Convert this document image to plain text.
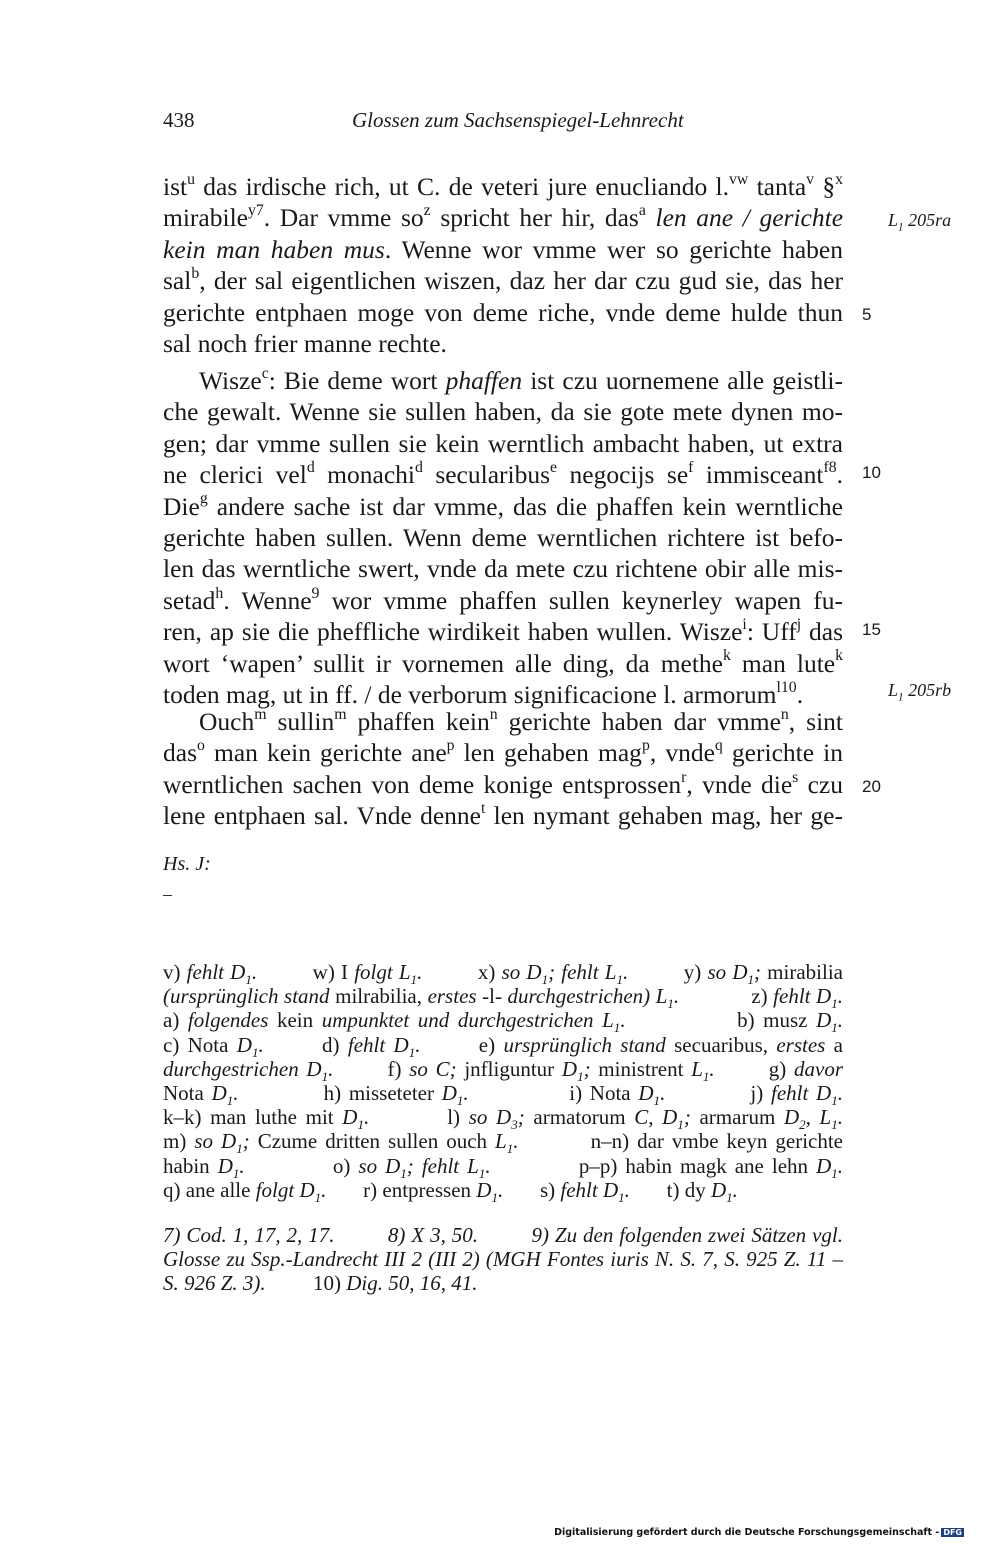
438	Glossen zum Sachsenspiegel-Lehnrecht
ist$^u$ das irdische rich, ut C. de veteri jure enucliando l.$^{vw}$ tanta$^v$ §$^x$
mirabile$^{y7}$. Dar vmme $so^z$ spricht her hir, das$^a$ len ane / gerichte
kein man haben mus. Wenne wor vmme wer so gerichte haben
sal$^b$, der sal eigentlichen wiszen, daz her dar czu gud sie, das her
gerichte entphaen moge von deme riche, vnde deme hulde thun
sal noch frier manne rechte.
Wisze$^c$: Bie deme wort phaffen ist czu uornemene alle geistli-
che gewalt. Wenne sie sullen haben, da sie gote mete dynen mo-
gen; dar vmme sullen sie kein werntlich ambacht haben, ut extra
ne clerici vel$^d$ monachi$^d$ secularibus$^e$ negocijs $se^f$ immisceant$^{f8}$.
Die$^g$ andere sache ist dar vmme, das die phaffen kein werntliche
gerichte haben sullen. Wenn deme werntlichen richtere ist befo-
len das werntliche swert, vnde da mete czu richtene obir alle mis-
setad$^h$. Wenne$^9$ wor vmme phaffen sullen keynerley wapen fu-
ren, ap sie die pheffliche wirdikeit haben wullen. Wisze$^i$: Uff$^j$ das
wort ‘wapen’ sullit ir vornemen alle ding, da methe$^k$ man lute$^k$
toden mag, ut in ff. / de verborum significacione l. armorum$^{l10}$.
Ouch$^m$ sullin$^m$ phaffen kein$^n$ gerichte haben dar vmme$^n$, sint
das$^o$ man kein gerichte ane$^p$ len gehaben mag$^p$, vnde$^q$ gerichte in
werntlichen sachen von deme konige entsprossen$^r$, vnde die$^s$ czu
lene entphaen sal. Vnde denne$^t$ len nymant gehaben mag, her ge-
5
10
15
20
$L_1$ 205ra
$L_1$ 205rb
Hs. J:
–
v) fehlt $D_1$.         w) I folgt $L_1$.         x) so $D_1$; fehlt $L_1$.         y) so $D_1$; mirabilia
(ursprünglich stand milrabilia, erstes -l- durchgestrichen) $L_1$.             z) fehlt $D_1$.
a) folgendes kein umpunktet und durchgestrichen $L_1$.             b) musz $D_1$.
c) Nota $D_1$.       d) fehlt $D_1$.       e) ursprünglich stand secuaribus, erstes a
durchgestrichen $D_1$.       f) so C; jnfliguntur $D_1$; ministrent $L_1$.       g) davor
Nota $D_1$.           h) misseteter $D_1$.             i) Nota $D_1$.           j) fehlt $D_1$.
k–k) man luthe mit $D_1$.         l) so $D_3$; armatorum C, $D_1$; armarum $D_2$, $L_1$.
m) so $D_1$; Czume dritten sullen ouch $L_1$.         n–n) dar vmbe keyn gerichte
habin $D_1$.           o) so $D_1$; fehlt $L_1$.           p–p) habin magk ane lehn $D_1$.
q) ane alle folgt $D_1$.       r) entpressen $D_1$.       s) fehlt $D_1$.       t) dy $D_1$.
7) Cod. 1, 17, 2, 17.         8) X 3, 50.         9) Zu den folgenden zwei Sätzen vgl.
Glosse zu Ssp.-Landrecht III 2 (III 2) (MGH Fontes iuris N. S. 7, S. 925 Z. 11 –
S. 926 Z. 3).         10) Dig. 50, 16, 41.
Digitalisierung gefördert durch die Deutsche Forschungsgemeinschaft - DFG
